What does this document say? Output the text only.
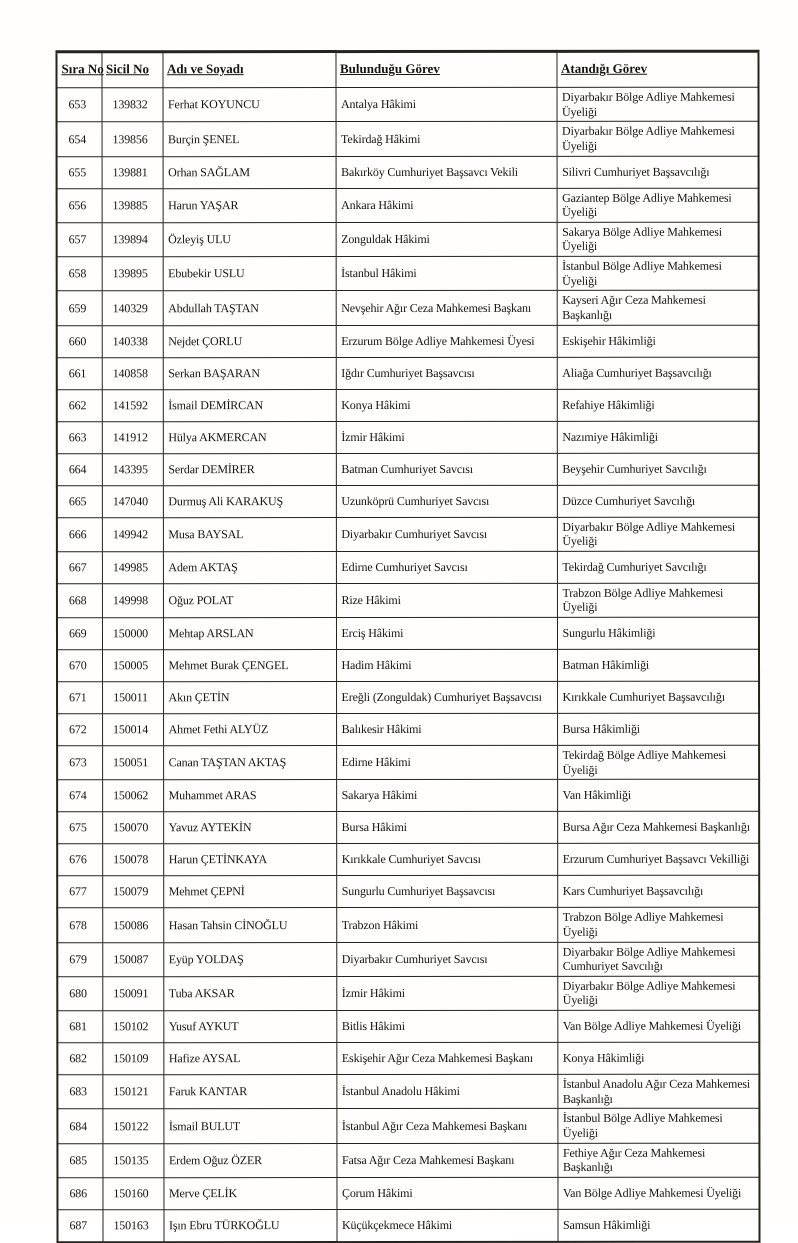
Sıra No	Sicil No	Adı ve Soyadı	Bulunduğu Görev	Atandığı Görev
653	139832	Ferhat KOYUNCU	Antalya Hâkimi	Diyarbakır Bölge Adliye Mahkemesi Üyeliği
654	139856	Burçin ŞENEL	Tekirdağ Hâkimi	Diyarbakır Bölge Adliye Mahkemesi Üyeliği
655	139881	Orhan SAĞLAM	Bakırköy Cumhuriyet Başsavcı Vekili	Silivri Cumhuriyet Başsavcılığı
656	139885	Harun YAŞAR	Ankara Hâkimi	Gaziantep Bölge Adliye Mahkemesi Üyeliği
657	139894	Özleyiş ULU	Zonguldak Hâkimi	Sakarya Bölge Adliye Mahkemesi Üyeliği
658	139895	Ebubekir USLU	İstanbul Hâkimi	İstanbul Bölge Adliye Mahkemesi Üyeliği
659	140329	Abdullah TAŞTAN	Nevşehir Ağır Ceza Mahkemesi Başkanı	Kayseri Ağır Ceza Mahkemesi Başkanlığı
660	140338	Nejdet ÇORLU	Erzurum Bölge Adliye Mahkemesi Üyesi	Eskişehir Hâkimliği
661	140858	Serkan BAŞARAN	Iğdır Cumhuriyet Başsavcısı	Aliağa Cumhuriyet Başsavcılığı
662	141592	İsmail DEMİRCAN	Konya Hâkimi	Refahiye Hâkimliği
663	141912	Hülya AKMERCAN	İzmir Hâkimi	Nazımiye Hâkimliği
664	143395	Serdar DEMİRER	Batman Cumhuriyet Savcısı	Beyşehir Cumhuriyet Savcılığı
665	147040	Durmuş Ali KARAKUŞ	Uzunköprü Cumhuriyet Savcısı	Düzce Cumhuriyet Savcılığı
666	149942	Musa BAYSAL	Diyarbakır Cumhuriyet Savcısı	Diyarbakır Bölge Adliye Mahkemesi Üyeliği
667	149985	Adem AKTAŞ	Edirne Cumhuriyet Savcısı	Tekirdağ Cumhuriyet Savcılığı
668	149998	Oğuz POLAT	Rize Hâkimi	Trabzon Bölge Adliye Mahkemesi Üyeliği
669	150000	Mehtap ARSLAN	Erciş Hâkimi	Sungurlu Hâkimliği
670	150005	Mehmet Burak ÇENGEL	Hadim Hâkimi	Batman Hâkimliği
671	150011	Akın ÇETİN	Ereğli (Zonguldak) Cumhuriyet Başsavcısı	Kırıkkale Cumhuriyet Başsavcılığı
672	150014	Ahmet Fethi ALYÜZ	Balıkesir Hâkimi	Bursa Hâkimliği
673	150051	Canan TAŞTAN AKTAŞ	Edirne Hâkimi	Tekirdağ Bölge Adliye Mahkemesi Üyeliği
674	150062	Muhammet ARAS	Sakarya Hâkimi	Van Hâkimliği
675	150070	Yavuz AYTEKİN	Bursa Hâkimi	Bursa Ağır Ceza Mahkemesi Başkanlığı
676	150078	Harun ÇETİNKAYA	Kırıkkale Cumhuriyet Savcısı	Erzurum Cumhuriyet Başsavcı Vekilliği
677	150079	Mehmet ÇEPNİ	Sungurlu Cumhuriyet Başsavcısı	Kars Cumhuriyet Başsavcılığı
678	150086	Hasan Tahsin CİNOĞLU	Trabzon Hâkimi	Trabzon Bölge Adliye Mahkemesi Üyeliği
679	150087	Eyüp YOLDAŞ	Diyarbakır Cumhuriyet Savcısı	Diyarbakır Bölge Adliye Mahkemesi Cumhuriyet Savcılığı
680	150091	Tuba AKSAR	İzmir Hâkimi	Diyarbakır Bölge Adliye Mahkemesi Üyeliği
681	150102	Yusuf AYKUT	Bitlis Hâkimi	Van Bölge Adliye Mahkemesi Üyeliği
682	150109	Hafize AYSAL	Eskişehir Ağır Ceza Mahkemesi Başkanı	Konya Hâkimliği
683	150121	Faruk KANTAR	İstanbul Anadolu Hâkimi	İstanbul Anadolu Ağır Ceza Mahkemesi Başkanlığı
684	150122	İsmail BULUT	İstanbul Ağır Ceza Mahkemesi Başkanı	İstanbul Bölge Adliye Mahkemesi Üyeliği
685	150135	Erdem Oğuz ÖZER	Fatsa Ağır Ceza Mahkemesi Başkanı	Fethiye Ağır Ceza Mahkemesi Başkanlığı
686	150160	Merve ÇELİK	Çorum Hâkimi	Van Bölge Adliye Mahkemesi Üyeliği
687	150163	Işın Ebru TÜRKOĞLU	Küçükçekmece Hâkimi	Samsun Hâkimliği
